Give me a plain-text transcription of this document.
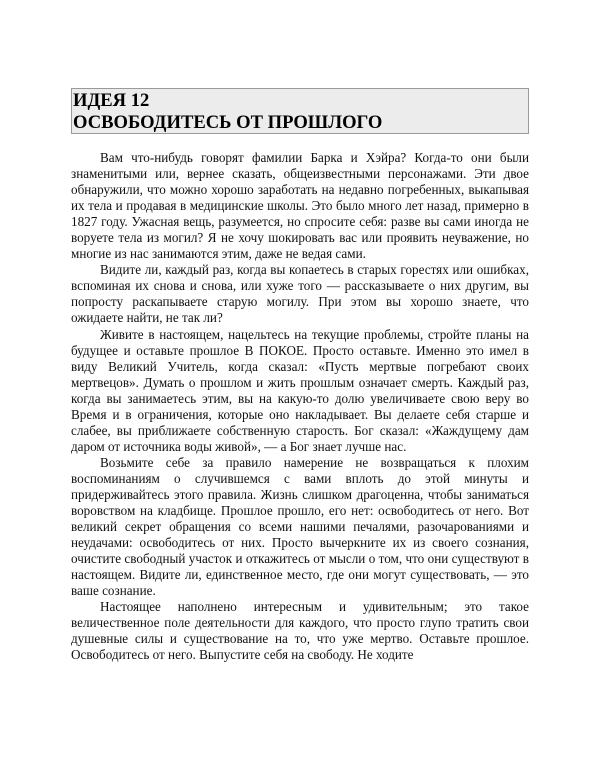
ИДЕЯ 12
ОСВОБОДИТЕСЬ ОТ ПРОШЛОГО

Вам что-нибудь говорят фамилии Барка и Хэйра? Когда-то они были знаменитыми или, вернее сказать, общеизвестными персонажами. Эти двое обнаружили, что можно хорошо заработать на недавно погребенных, выкапывая их тела и продавая в медицинские школы. Это было много лет назад, примерно в 1827 году. Ужасная вещь, разумеется, но спросите себя: разве вы сами иногда не воруете тела из могил? Я не хочу шокировать вас или проявить неуважение, но многие из нас занимаются этим, даже не ведая сами.

Видите ли, каждый раз, когда вы копаетесь в старых горестях или ошибках, вспоминая их снова и снова, или хуже того — рассказываете о них другим, вы попросту раскапываете старую могилу. При этом вы хорошо знаете, что ожидаете найти, не так ли?

Живите в настоящем, нацельтесь на текущие проблемы, стройте планы на будущее и оставьте прошлое В ПОКОЕ. Просто оставьте. Именно это имел в виду Великий Учитель, когда сказал: «Пусть мертвые погребают своих мертвецов». Думать о прошлом и жить прошлым означает смерть. Каждый раз, когда вы занимаетесь этим, вы на какую-то долю увеличиваете свою веру во Время и в ограничения, которые оно накладывает. Вы делаете себя старше и слабее, вы приближаете собственную старость. Бог сказал: «Жаждущему дам даром от источника воды живой», — а Бог знает лучше нас.

Возьмите себе за правило намерение не возвращаться к плохим воспоминаниям о случившемся с вами вплоть до этой минуты и придерживайтесь этого правила. Жизнь слишком драгоценна, чтобы заниматься воровством на кладбище. Прошлое прошло, его нет: освободитесь от него. Вот великий секрет обращения со всеми нашими печалями, разочарованиями и неудачами: освободитесь от них. Просто вычеркните их из своего сознания, очистите свободный участок и откажитесь от мысли о том, что они существуют в настоящем. Видите ли, единственное место, где они могут существовать, — это ваше сознание.

Настоящее наполнено интересным и удивительным; это такое величественное поле деятельности для каждого, что просто глупо тратить свои душевные силы и существование на то, что уже мертво. Оставьте прошлое. Освободитесь от него. Выпустите себя на свободу. Не ходите
